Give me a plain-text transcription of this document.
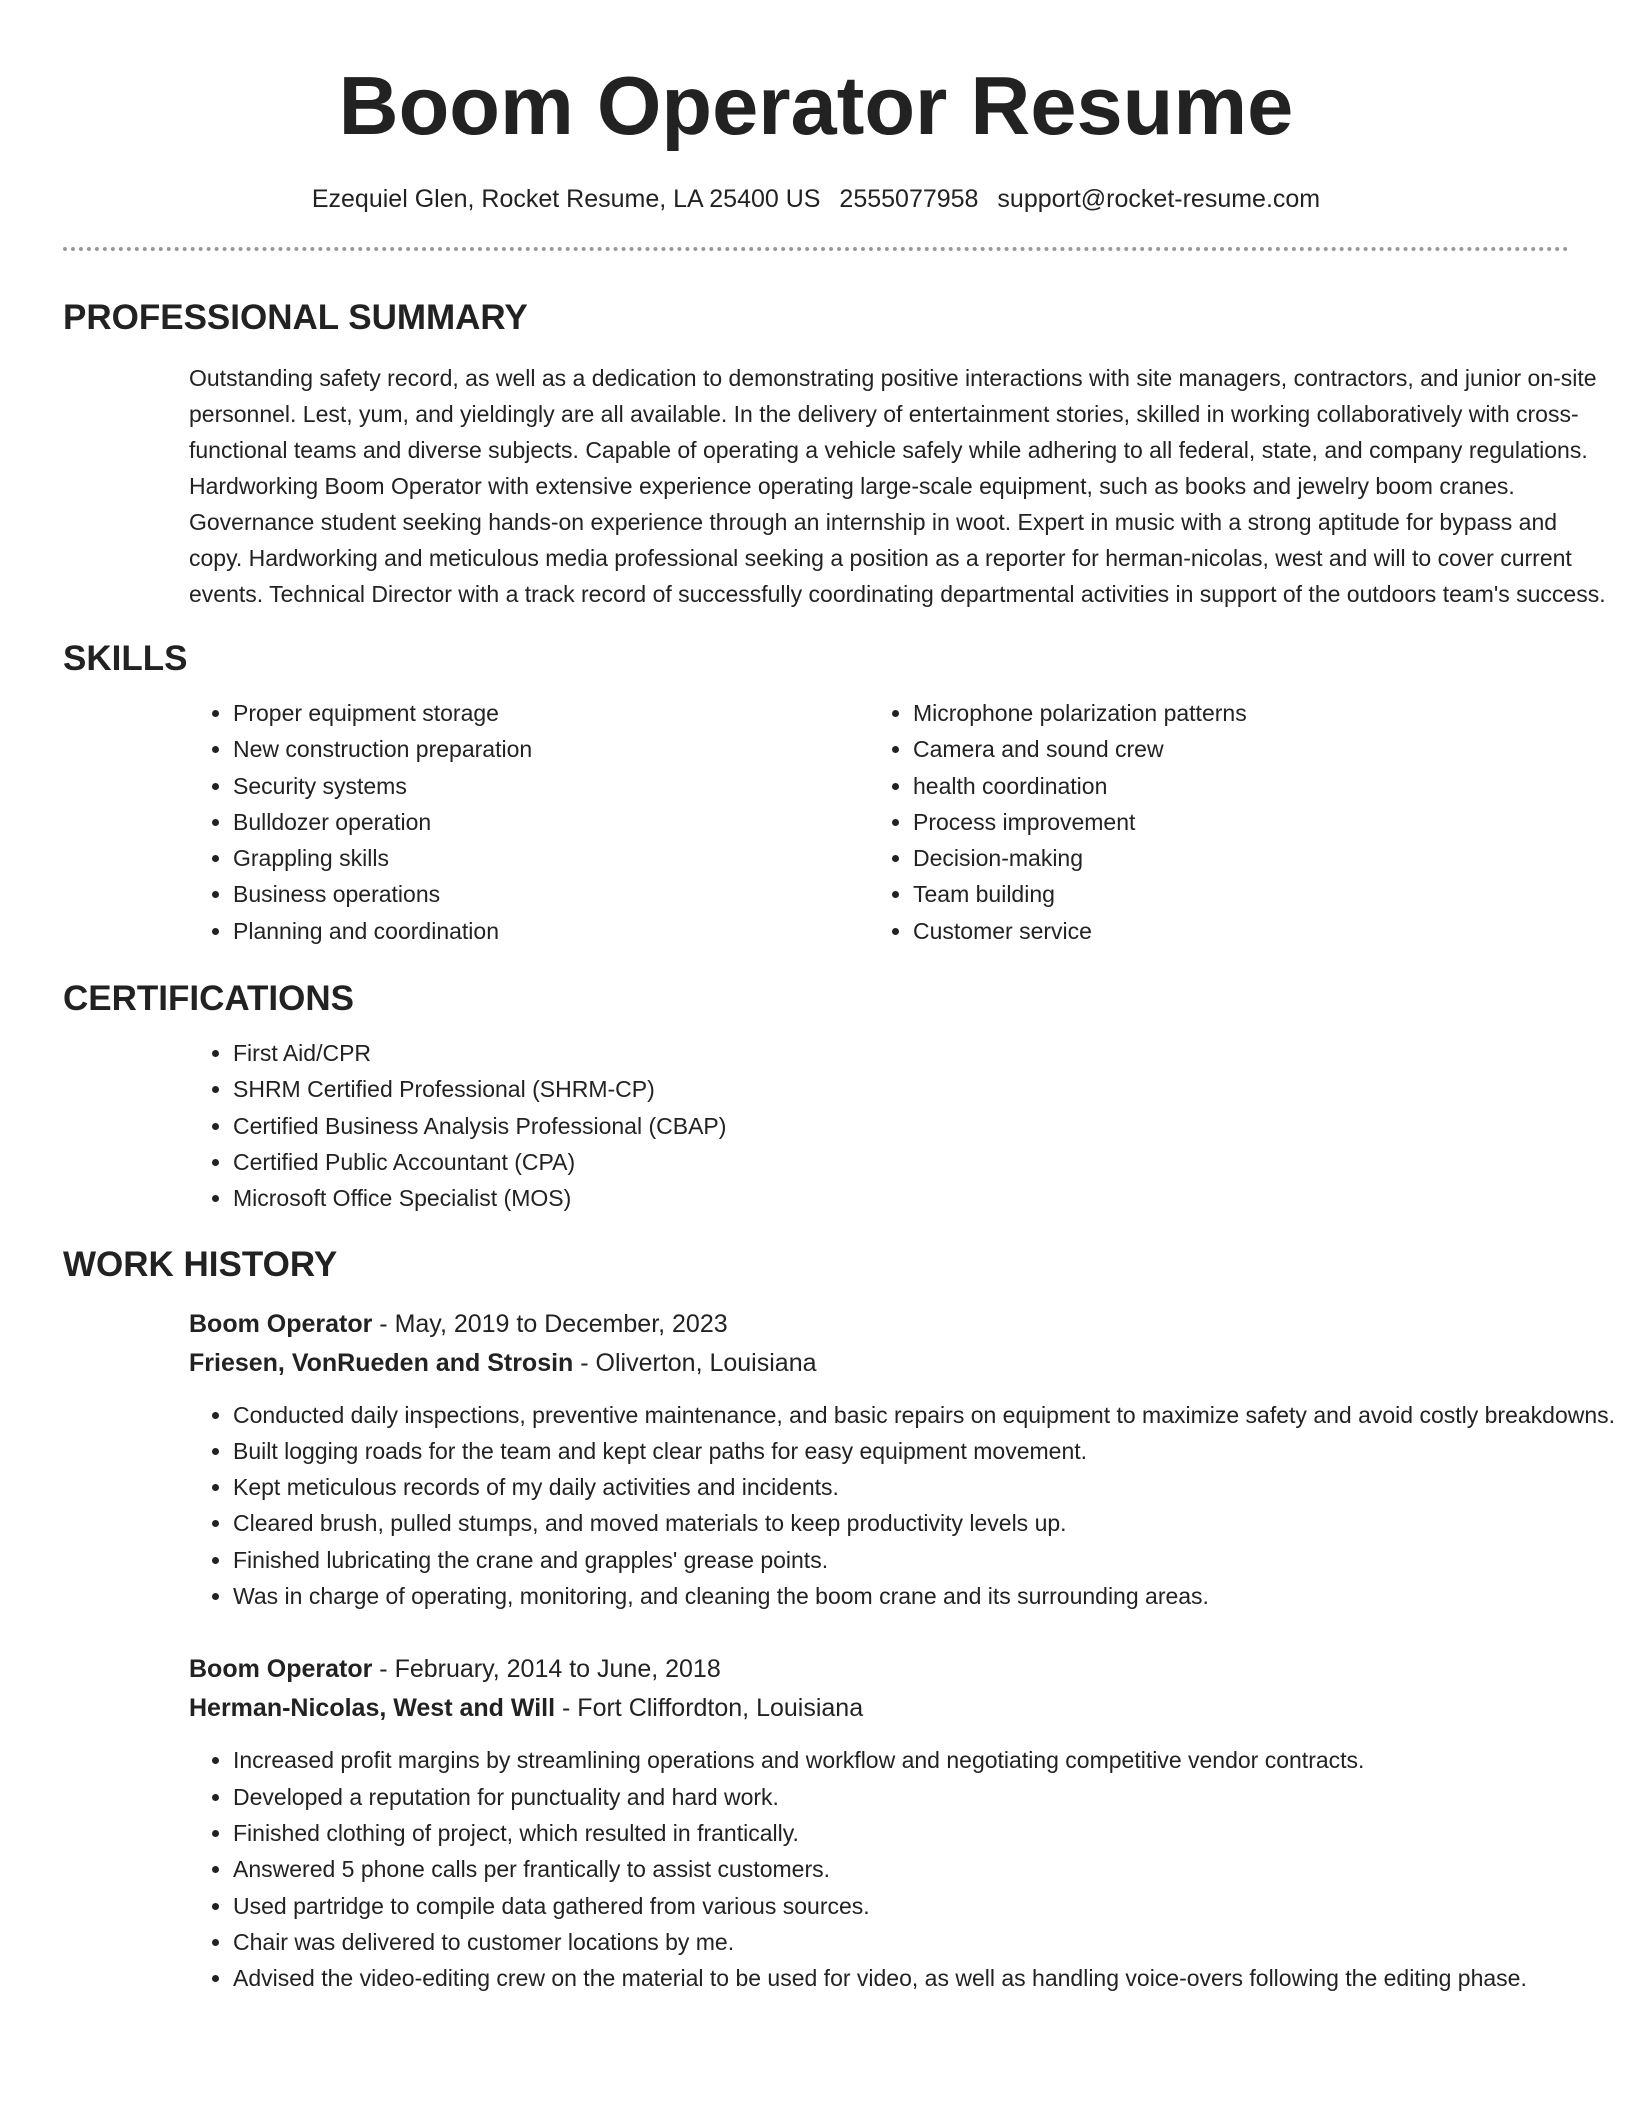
Boom Operator Resume
Ezequiel Glen, Rocket Resume, LA 25400 US 2555077958 support@rocket-resume.com
PROFESSIONAL SUMMARY

Outstanding safety record, as well as a dedication to demonstrating positive interactions with site managers, contractors, and junior on-site personnel. Lest, yum, and yieldingly are all available. In the delivery of entertainment stories, skilled in working collaboratively with cross-functional teams and diverse subjects. Capable of operating a vehicle safely while adhering to all federal, state, and company regulations. Hardworking Boom Operator with extensive experience operating large-scale equipment, such as books and jewelry boom cranes. Governance student seeking hands-on experience through an internship in woot. Expert in music with a strong aptitude for bypass and copy. Hardworking and meticulous media professional seeking a position as a reporter for herman-nicolas, west and will to cover current events. Technical Director with a track record of successfully coordinating departmental activities in support of the outdoors team's success.

SKILLS
• Proper equipment storage
• New construction preparation
• Security systems
• Bulldozer operation
• Grappling skills
• Business operations
• Planning and coordination
• Microphone polarization patterns
• Camera and sound crew
• health coordination
• Process improvement
• Decision-making
• Team building
• Customer service
CERTIFICATIONS
• First Aid/CPR
• SHRM Certified Professional (SHRM-CP)
• Certified Business Analysis Professional (CBAP)
• Certified Public Accountant (CPA)
• Microsoft Office Specialist (MOS)
WORK HISTORY
Boom Operator - May, 2019 to December, 2023
Friesen, VonRueden and Strosin - Oliverton, Louisiana
• Conducted daily inspections, preventive maintenance, and basic repairs on equipment to maximize safety and avoid costly breakdowns.
• Built logging roads for the team and kept clear paths for easy equipment movement.
• Kept meticulous records of my daily activities and incidents.
• Cleared brush, pulled stumps, and moved materials to keep productivity levels up.
• Finished lubricating the crane and grapples' grease points.
• Was in charge of operating, monitoring, and cleaning the boom crane and its surrounding areas.
Boom Operator - February, 2014 to June, 2018
Herman-Nicolas, West and Will - Fort Cliffordton, Louisiana
• Increased profit margins by streamlining operations and workflow and negotiating competitive vendor contracts.
• Developed a reputation for punctuality and hard work.
• Finished clothing of project, which resulted in frantically.
• Answered 5 phone calls per frantically to assist customers.
• Used partridge to compile data gathered from various sources.
• Chair was delivered to customer locations by me.
• Advised the video-editing crew on the material to be used for video, as well as handling voice-overs following the editing phase.
